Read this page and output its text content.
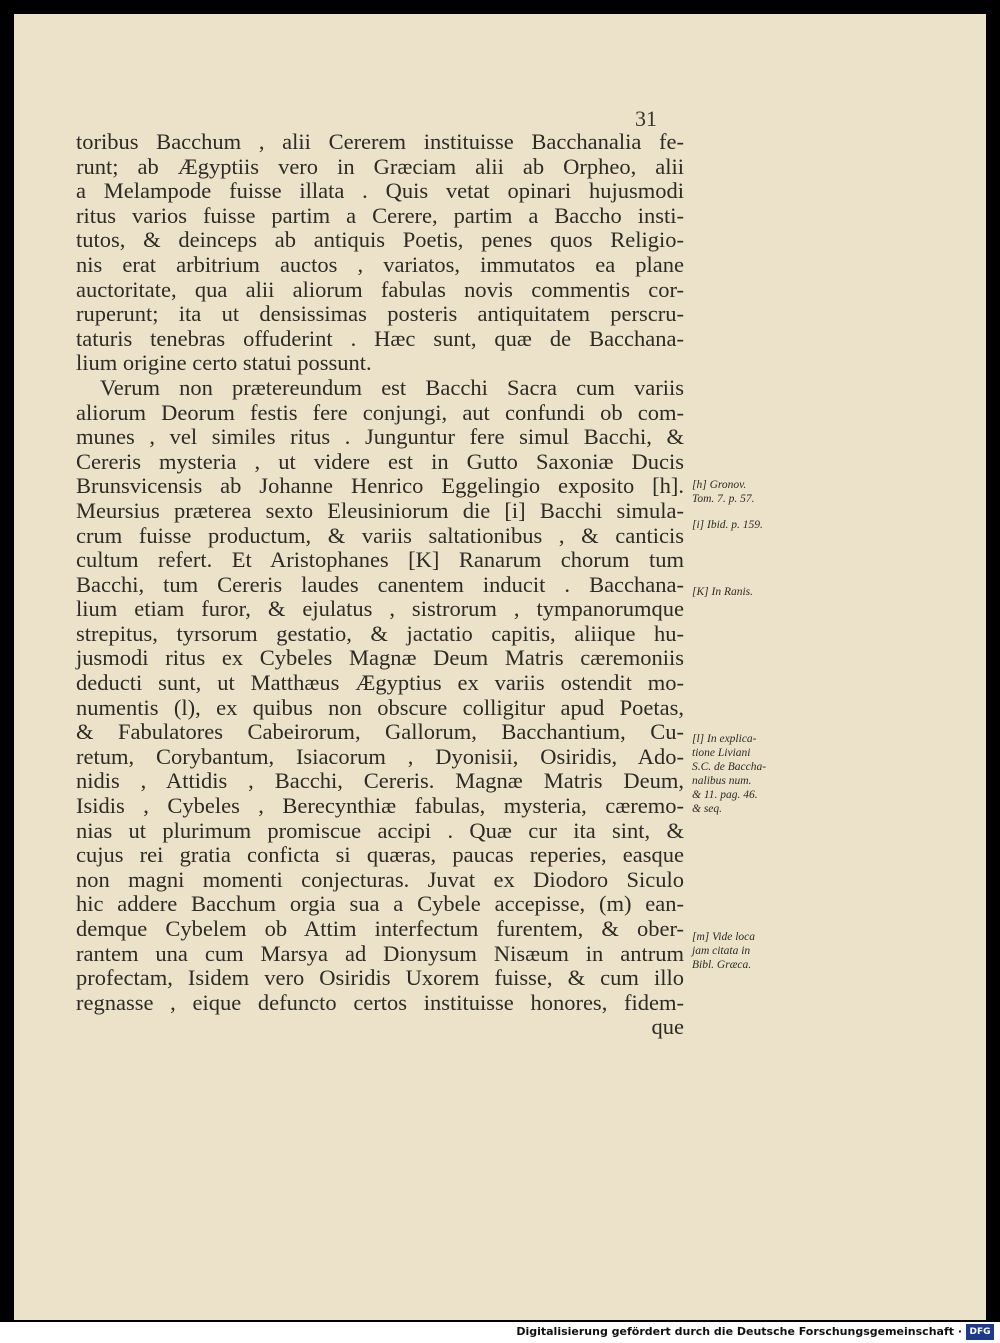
31
toribus Bacchum , alii Cererem instituisse Bacchanalia fe-
runt; ab Ægyptiis vero in Græciam alii ab Orpheo, alii
a Melampode fuisse illata . Quis vetat opinari hujusmodi
ritus varios fuisse partim a Cerere, partim a Baccho insti-
tutos, & deinceps ab antiquis Poetis, penes quos Religio-
nis erat arbitrium auctos , variatos, immutatos ea plane
auctoritate, qua alii aliorum fabulas novis commentis cor-
ruperunt; ita ut densissimas posteris antiquitatem perscru-
taturis tenebras offuderint . Hæc sunt, quæ de Bacchana-
lium origine certo statui possunt.
Verum non prætereundum est Bacchi Sacra cum variis
aliorum Deorum festis fere conjungi, aut confundi ob com-
munes , vel similes ritus . Junguntur fere simul Bacchi, &
Cereris mysteria , ut videre est in Gutto Saxoniæ Ducis
Brunsvicensis ab Johanne Henrico Eggelingio exposito [h].
Meursius præterea sexto Eleusiniorum die [i] Bacchi simula-
crum fuisse productum, & variis saltationibus , & canticis
cultum refert. Et Aristophanes [K] Ranarum chorum tum
Bacchi, tum Cereris laudes canentem inducit . Bacchana-
lium etiam furor, & ejulatus , sistrorum , tympanorumque
strepitus, tyrsorum gestatio, & jactatio capitis, aliique hu-
jusmodi ritus ex Cybeles Magnæ Deum Matris cæremoniis
deducti sunt, ut Matthæus Ægyptius ex variis ostendit mo-
numentis (l), ex quibus non obscure colligitur apud Poetas,
& Fabulatores Cabeirorum, Gallorum, Bacchantium, Cu-
retum, Corybantum, Isiacorum , Dyonisii, Osiridis, Ado-
nidis , Attidis , Bacchi, Cereris. Magnæ Matris Deum,
Isidis , Cybeles , Berecynthiæ fabulas, mysteria, cæremo-
nias ut plurimum promiscue accipi . Quæ cur ita sint, &
cujus rei gratia conficta si quæras, paucas reperies, easque
non magni momenti conjecturas. Juvat ex Diodoro Siculo
hic addere Bacchum orgia sua a Cybele accepisse, (m) ean-
demque Cybelem ob Attim interfectum furentem, & ober-
rantem una cum Marsya ad Dionysum Nisæum in antrum
profectam, Isidem vero Osiridis Uxorem fuisse, & cum illo
regnasse , eique defuncto certos instituisse honores, fidem-
que
[h] Gronov.
Tom. 7. p. 57.
[i] Ibid. p. 159.
[K] In Ranis.
[l] In explica-
tione Liviani
S.C. de Baccha-
nalibus num.
& 11. pag. 46.
& seq.
[m] Vide loca
jam citata in
Bibl. Græca.
Digitalisierung gefördert durch die Deutsche Forschungsgemeinschaft · DFG
